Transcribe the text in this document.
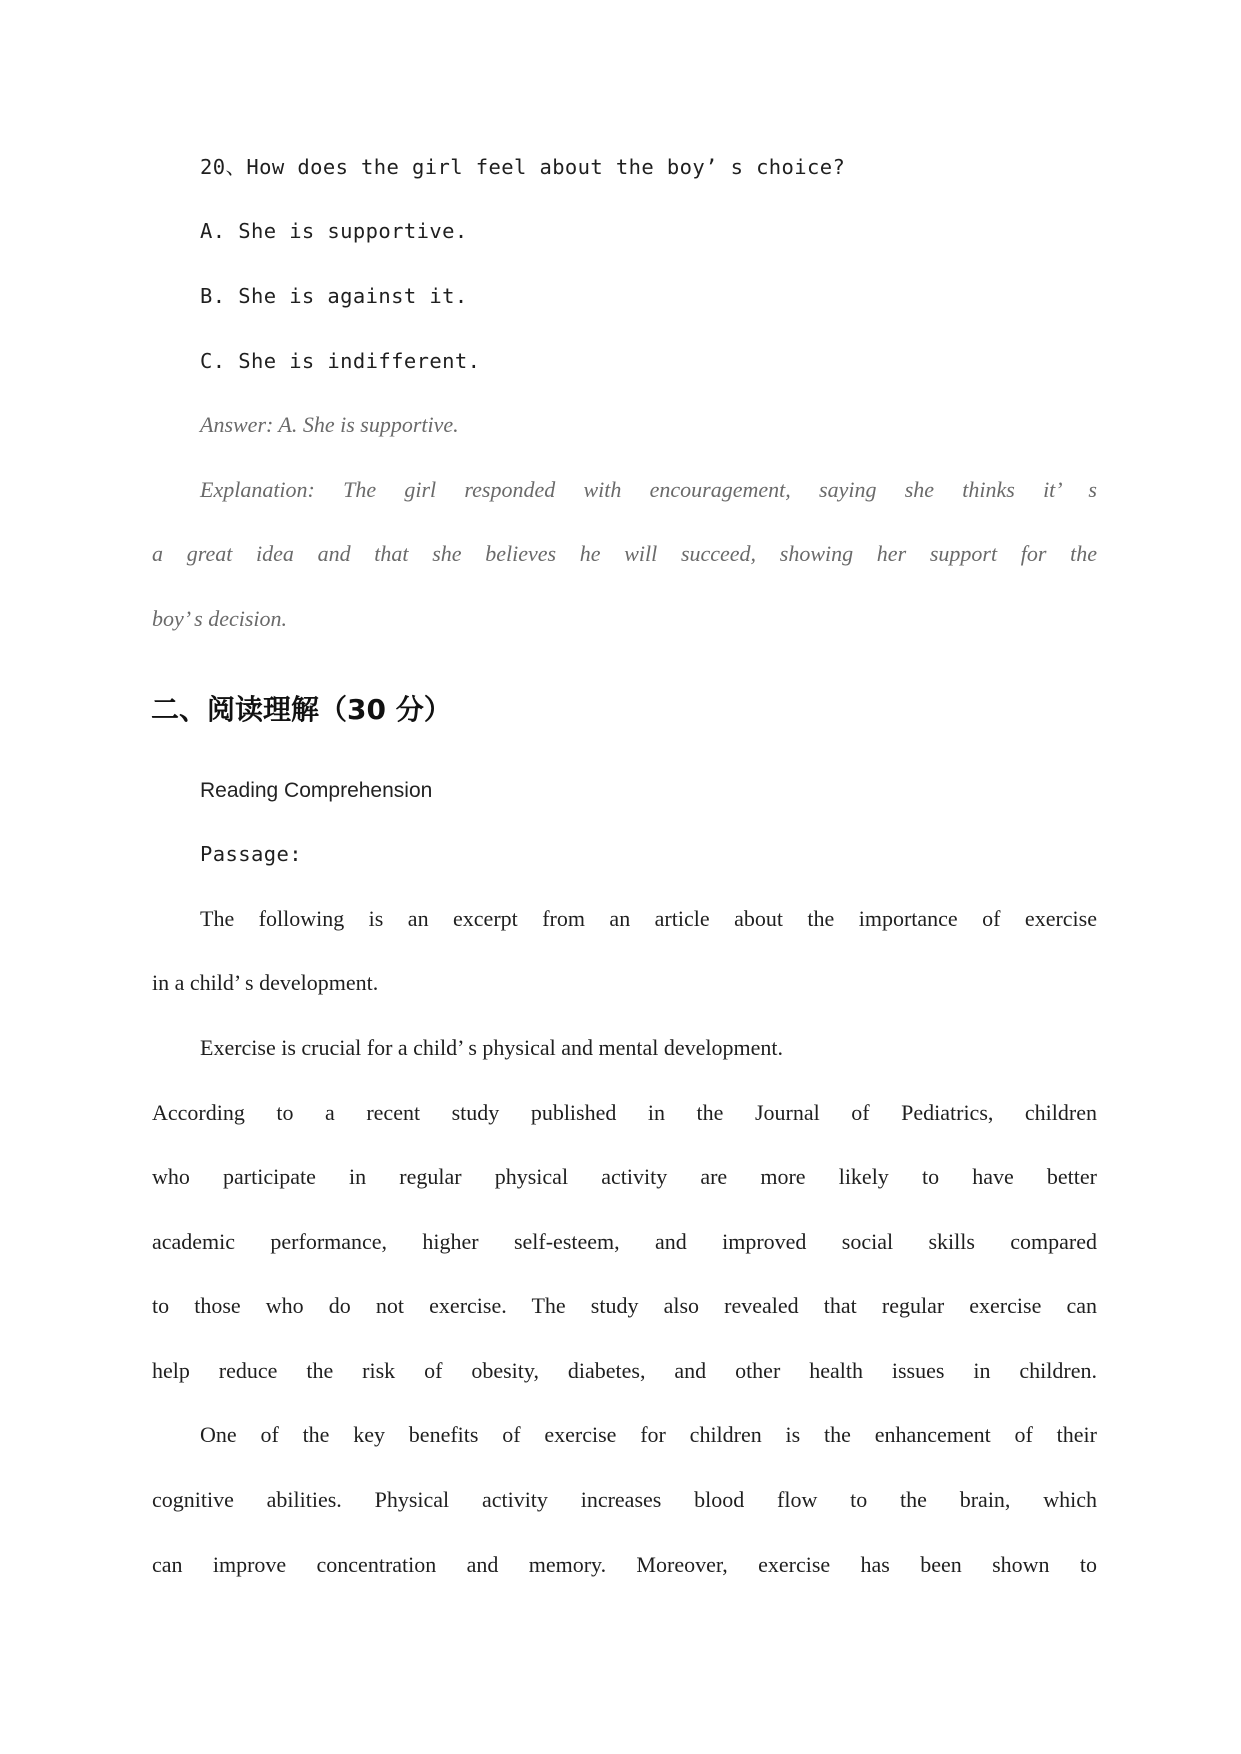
20、How does the girl feel about the boy’ s choice?

A. She is supportive.

B. She is against it.

C. She is indifferent.

Answer: A. She is supportive.

Explanation: The girl responded with encouragement, saying she thinks it’ s

a great idea and that she believes he will succeed, showing her support for the

boy’ s decision.

二、阅读理解（30 分）

Reading Comprehension

Passage:

The following is an excerpt from an article about the importance of exercise

in a child’ s development.

Exercise is crucial for a child’ s physical and mental development.

According to a recent study published in the Journal of Pediatrics, children

who participate in regular physical activity are more likely to have better

academic performance, higher self-esteem, and improved social skills compared

to those who do not exercise. The study also revealed that regular exercise can

help reduce the risk of obesity, diabetes, and other health issues in children.

One of the key benefits of exercise for children is the enhancement of their

cognitive abilities. Physical activity increases blood flow to the brain, which

can improve concentration and memory. Moreover, exercise has been shown to
